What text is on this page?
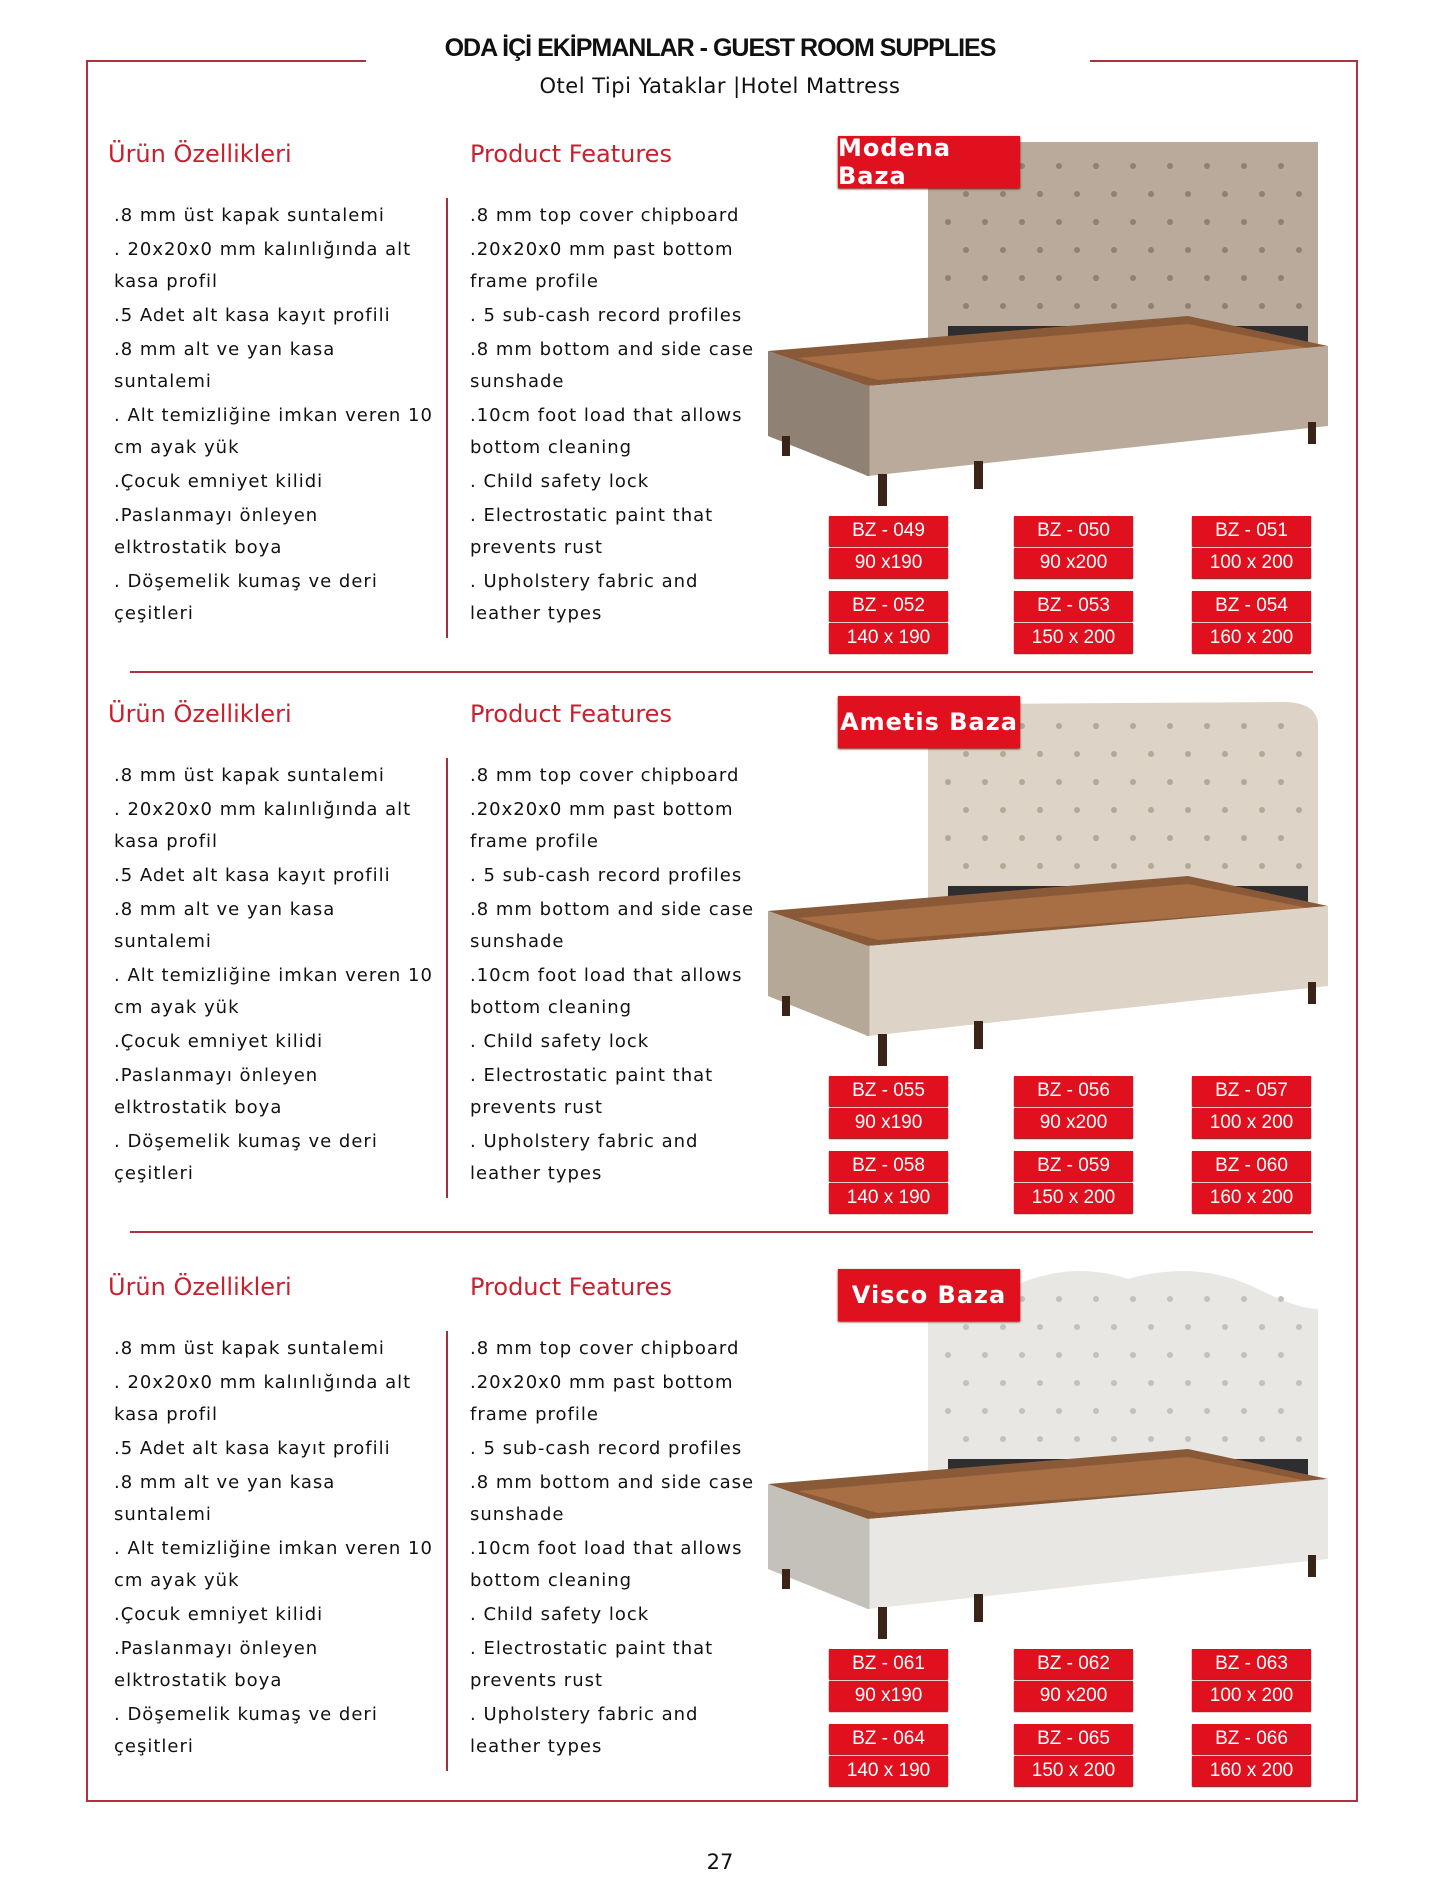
ODA İÇİ EKİPMANLAR - GUEST ROOM SUPPLIES
Otel Tipi Yataklar |Hotel Mattress
Ürün Özellikleri	Product Features
.8 mm üst kapak suntalemi
. 20x20x0 mm kalınlığında alt
kasa profil
.5 Adet alt kasa kayıt profili
.8 mm alt ve yan kasa
suntalemi
. Alt temizliğine imkan veren 10
cm ayak yük
.Çocuk emniyet kilidi
.Paslanmayı önleyen
elktrostatik boya
. Döşemelik kumaş ve deri
çeşitleri
.8 mm top cover chipboard
.20x20x0 mm past bottom
frame profile
. 5 sub-cash record profiles
.8 mm bottom and side case
sunshade
.10cm foot load that allows
bottom cleaning
. Child safety lock
. Electrostatic paint that
prevents rust
. Upholstery fabric and
leather types
Modena Baza
BZ - 049
90 x190
BZ - 050
90 x200
BZ - 051
100 x 200
BZ - 052
140 x 190
BZ - 053
150 x 200
BZ - 054
160 x 200
Ürün Özellikleri	Product Features
.8 mm üst kapak suntalemi
. 20x20x0 mm kalınlığında alt
kasa profil
.5 Adet alt kasa kayıt profili
.8 mm alt ve yan kasa
suntalemi
. Alt temizliğine imkan veren 10
cm ayak yük
.Çocuk emniyet kilidi
.Paslanmayı önleyen
elktrostatik boya
. Döşemelik kumaş ve deri
çeşitleri
.8 mm top cover chipboard
.20x20x0 mm past bottom
frame profile
. 5 sub-cash record profiles
.8 mm bottom and side case
sunshade
.10cm foot load that allows
bottom cleaning
. Child safety lock
. Electrostatic paint that
prevents rust
. Upholstery fabric and
leather types
Ametis Baza
BZ - 055
90 x190
BZ - 056
90 x200
BZ - 057
100 x 200
BZ - 058
140 x 190
BZ - 059
150 x 200
BZ - 060
160 x 200
Ürün Özellikleri	Product Features
.8 mm üst kapak suntalemi
. 20x20x0 mm kalınlığında alt
kasa profil
.5 Adet alt kasa kayıt profili
.8 mm alt ve yan kasa
suntalemi
. Alt temizliğine imkan veren 10
cm ayak yük
.Çocuk emniyet kilidi
.Paslanmayı önleyen
elktrostatik boya
. Döşemelik kumaş ve deri
çeşitleri
.8 mm top cover chipboard
.20x20x0 mm past bottom
frame profile
. 5 sub-cash record profiles
.8 mm bottom and side case
sunshade
.10cm foot load that allows
bottom cleaning
. Child safety lock
. Electrostatic paint that
prevents rust
. Upholstery fabric and
leather types
Visco Baza
BZ - 061
90 x190
BZ - 062
90 x200
BZ - 063
100 x 200
BZ - 064
140 x 190
BZ - 065
150 x 200
BZ - 066
160 x 200
27
